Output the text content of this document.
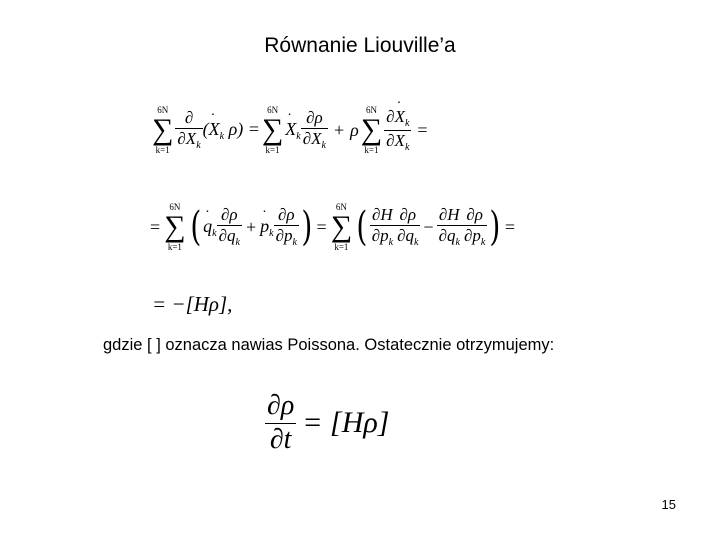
Równanie Liouville’a
6N
∑
$k=1 \frac{\partial}{\partial X_k}$ (· $X_k$ ρ) =
6N
∑
k=1
· $X_k \frac{\partial\rho}{\partial X_k} + \rho$
6N
∑
$k=1 \frac{\partial\cdot X_k}{\partial X_k}$ =
=
6N
∑
k=1 ( · $q_k \frac{\partial\rho}{\partial q_k}$ + · $p_k \frac{\partial\rho}{\partial p_k}$ ) =
6N
∑
k=1 ( $\frac{\partial H}{\partial p_k} \frac{\partial\rho}{\partial q_k} - \frac{\partial H}{\partial q_k} \frac{\partial\rho}{\partial p_k}$ ) =
= −[Hρ],
gdzie [ ] oznacza nawias Poissona. Ostatecznie otrzymujemy:
$\frac{\partial\rho}{\partial t} = [H\rho]$
15
